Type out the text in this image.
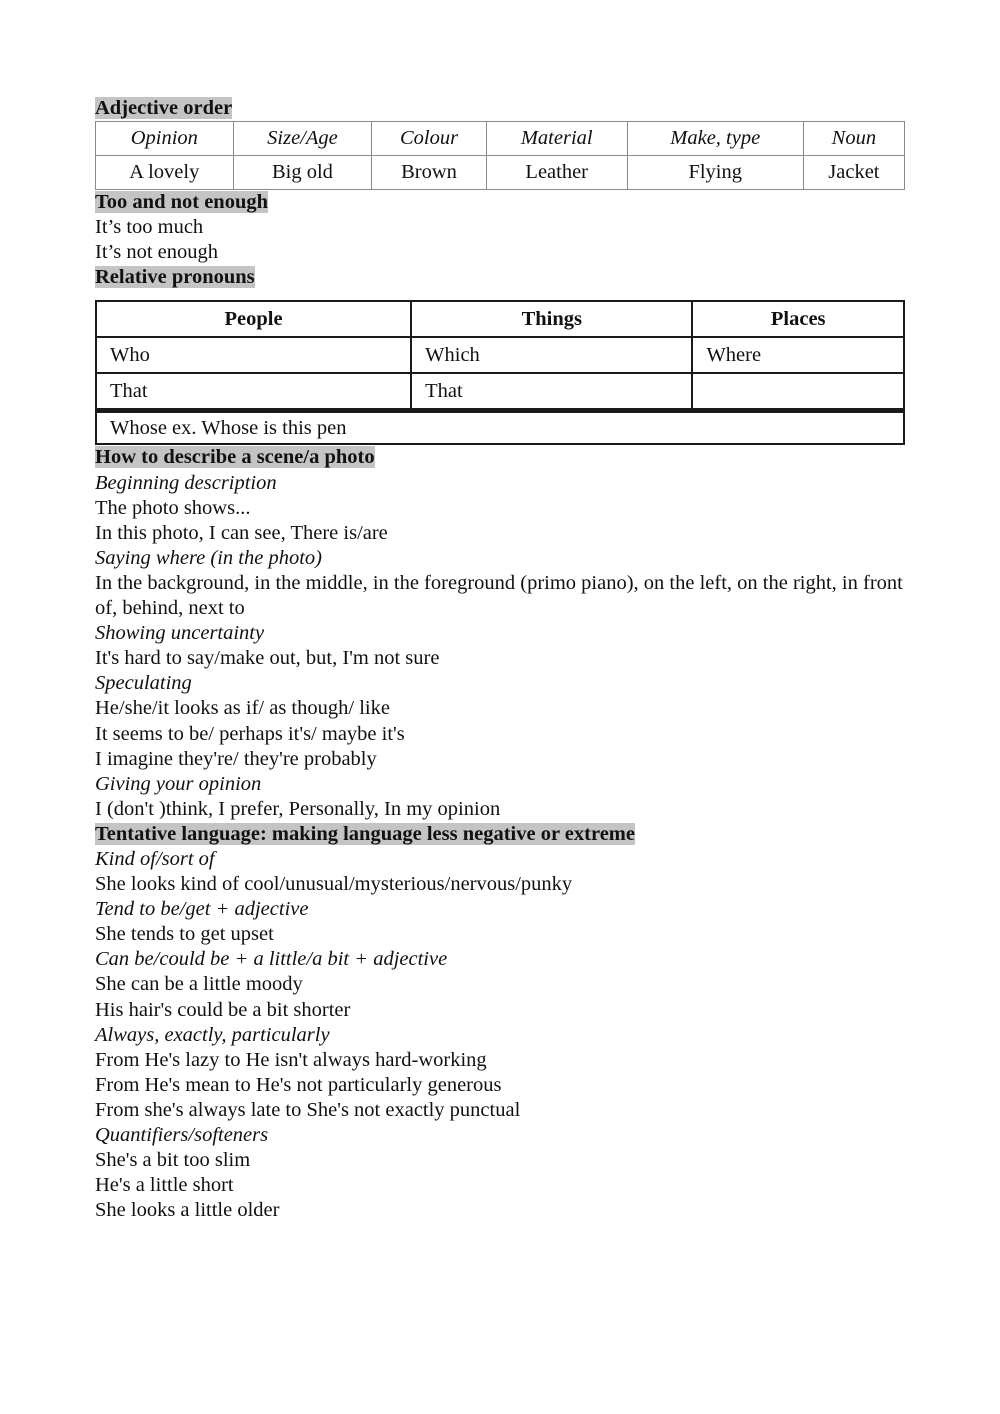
Adjective order
Opinion	Size/Age	Colour	Material	Make, type	Noun
A lovely	Big old	Brown	Leather	Flying	Jacket
Too and not enough
It’s too much
It’s not enough
Relative pronouns
People	Things	Places
Who	Which	Where
That	That	
Whose ex. Whose is this pen
How to describe a scene/a photo
Beginning description
The photo shows...
In this photo, I can see, There is/are
Saying where (in the photo)
In the background, in the middle, in the foreground (primo piano), on the left, on the right, in front of, behind, next to
Showing uncertainty
It's hard to say/make out, but, I'm not sure
Speculating
He/she/it looks as if/ as though/ like
It seems to be/ perhaps it's/ maybe it's
I imagine they're/ they're probably
Giving your opinion
I (don't )think, I prefer, Personally, In my opinion
Tentative language: making language less negative or extreme
Kind of/sort of
She looks kind of cool/unusual/mysterious/nervous/punky
Tend to be/get + adjective
She tends to get upset
Can be/could be + a little/a bit + adjective
She can be a little moody
His hair's could be a bit shorter
Always, exactly, particularly
From He's lazy to He isn't always hard-working
From He's mean to He's not particularly generous
From she's always late to She's not exactly punctual
Quantifiers/softeners
She's a bit too slim
He's a little short
She looks a little older
